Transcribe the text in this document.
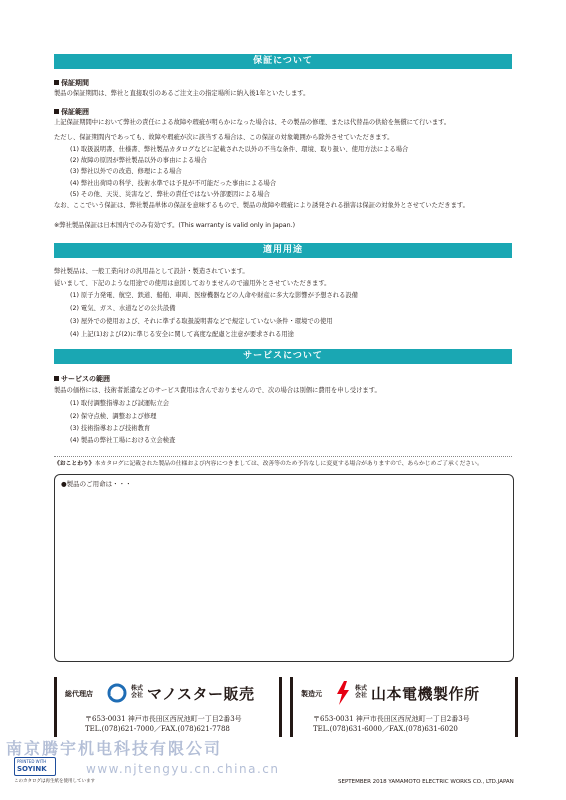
保証について
保証期間
製品の保証期間は、弊社と直接取引のあるご注文主の指定場所に納入後1年といたします。
保証範囲
上記保証期間中において弊社の責任による故障や瑕疵が明らかになった場合は、その製品の修理、または代替品の供給を無償にて行います。
ただし、保証期間内であっても、故障や瑕疵が次に該当する場合は、この保証の対象範囲から除外させていただきます。
(1) 取扱説明書、仕様書、弊社製品カタログなどに記載された以外の不当な条件、環境、取り扱い、使用方法による場合
(2) 故障の原因が弊社製品以外の事由による場合
(3) 弊社以外での改造、修理による場合
(4) 弊社出荷時の科学、技術水準では予見が不可能だった事由による場合
(5) その他、天災、災害など、弊社の責任ではない外部要因による場合
なお、ここでいう保証は、弊社製品単体の保証を意味するもので、製品の故障や瑕疵により誘発される損害は保証の対象外とさせていただきます。
※弊社製品保証は日本国内でのみ有効です。(This warranty is valid only in Japan.)
適用用途
弊社製品は、一般工業向けの汎用品として設計・製造されています。
従いまして、下記のような用途での使用は意図しておりませんので適用外とさせていただきます。
(1) 原子力発電、航空、鉄道、船舶、車両、医療機器などの人命や財産に多大な影響が予想される設備
(2) 電気、ガス、水道などの公共設備
(3) 屋外での使用および、それに準ずる取扱説明書などで規定していない条件・環境での使用
(4) 上記(1)および(2)に準じる安全に関して高度な配慮と注意が要求される用途
サービスについて
サービスの範囲
製品の価格には、技術者派遣などのサービス費用は含んでおりませんので、次の場合は別個に費用を申し受けます。
(1) 取付調整指導および試運転立会
(2) 保守点検、調整および修理
(3) 技術指導および技術教育
(4) 製品の弊社工場における立会検査
《おことわり》本カタログに記載された製品の仕様および内容につきましては、改善等のため予告なしに変更する場合がありますので、あらかじめご了承ください。
●製品のご用命は・・・
総代理店
株式会社 マノスター販売
〒653-0031 神戸市長田区西尻池町一丁目2番3号
TEL.(078)621-7000／FAX.(078)621-7788
製造元
株式会社 山本電機製作所
〒653-0031 神戸市長田区西尻池町一丁目2番3号
TEL.(078)631-6000／FAX.(078)631-6020
南京腾宇机电科技有限公司
www.njtengyu.cn.china.cn
PRINTED WITH
SOYINK
このカタログは再生紙を使用しています	SEPTEMBER 2018 YAMAMOTO ELECTRIC WORKS CO., LTD.JAPAN
